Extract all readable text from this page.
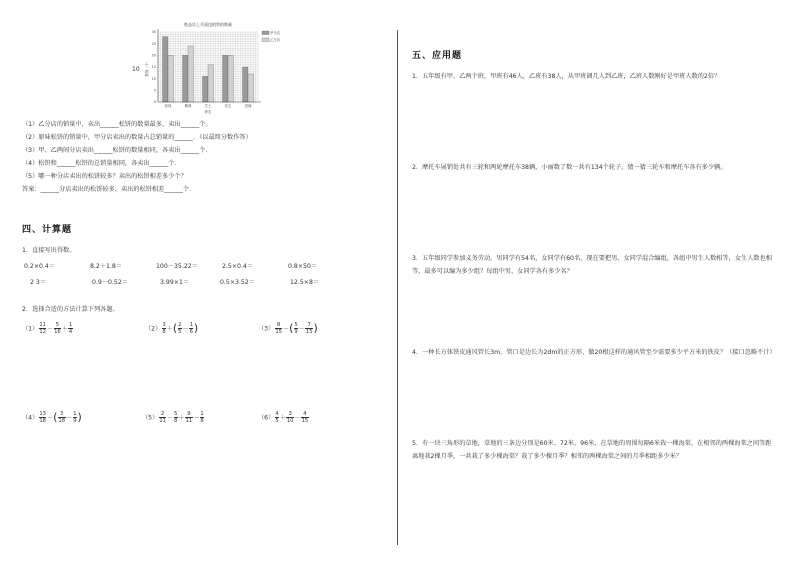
10
胜品店上月面包销售的数量
0
5
10
15
20
25
30
数量（个）
原味	椰蓉	芝士	花生	香辣
种类
甲分店
乙分店
（1）乙分店的销量中，卖出______松饼的数量最多，卖出______个。
（2）原味松饼的销量中，甲分店卖出的数量占总销量的______．（以最简分数作答）
（3）甲、乙两间分店卖出______松饼的数量相同，各卖出______个．
（4）松饼和______松饼的总销量相同，各卖出______个．
（5）哪一种分店卖出的松饼较多？卖出的松饼相差多少个？
答案：______分店卖出的松饼较多，卖出的松饼相差______个．
四、计算题
1．直接写出得数。
0.2×0.4＝	8.2＋1.8＝	100－35.22＝	2.5×0.4＝	0.8×50＝
2 3＝	0.9－0.52＝	3.99×1＝	0.5×3.52＝	12.5×8＝
2．选择合适的方法计算下列各题。
$(1) \frac{11}{12} - \frac{5}{16} + \frac{1}{4}$	$(2) \frac{3}{8}$ ＋( $\frac{2}{5} - \frac{1}{6}$ )	$(3) \frac{8}{15}$ －( $\frac{5}{9} - \frac{7}{15}$ )
$(4) \frac{13}{18}$ －( $\frac{3}{18} - \frac{1}{9}$ )	$(5) \frac{2}{11} - \frac{5}{8} + \frac{9}{11} - \frac{1}{8}$	$(6) \frac{4}{5} + \frac{3}{10} - \frac{4}{15}$
五、应用题
1．五年级有甲、乙两个班，甲班有46人，乙班有38人，从甲班调几人到乙班，乙班人数刚好是甲班人数的2倍？
2．摩托车展销处共有三轮和两轮摩托车38辆，小丽数了数一共有134个轮子，猜一猜三轮车和摩托车各有多少辆。
3．五年级同学参加义务劳动，男同学有54名，女同学有60名，现在要把男、女同学混合编组，各组中男生人数相等，女生人数也相等，最多可以编为多少组？每组中男、女同学各有多少名？
4．一种长方体铁皮通风管长3m，管口是边长为2dm的正方形，做20根这样的通风管至少需要多少平方米的铁皮？（接口忽略不计）
5．有一块三角形的草地，草地的三条边分别是60米、72米、96米，在草地的周围每隔6米栽一棵海棠，在相邻的两棵海棠之间等距离地栽2棵月季，一共栽了多少棵海棠？栽了多少棵月季？相邻的两棵海棠之间的月季相距多少米？
